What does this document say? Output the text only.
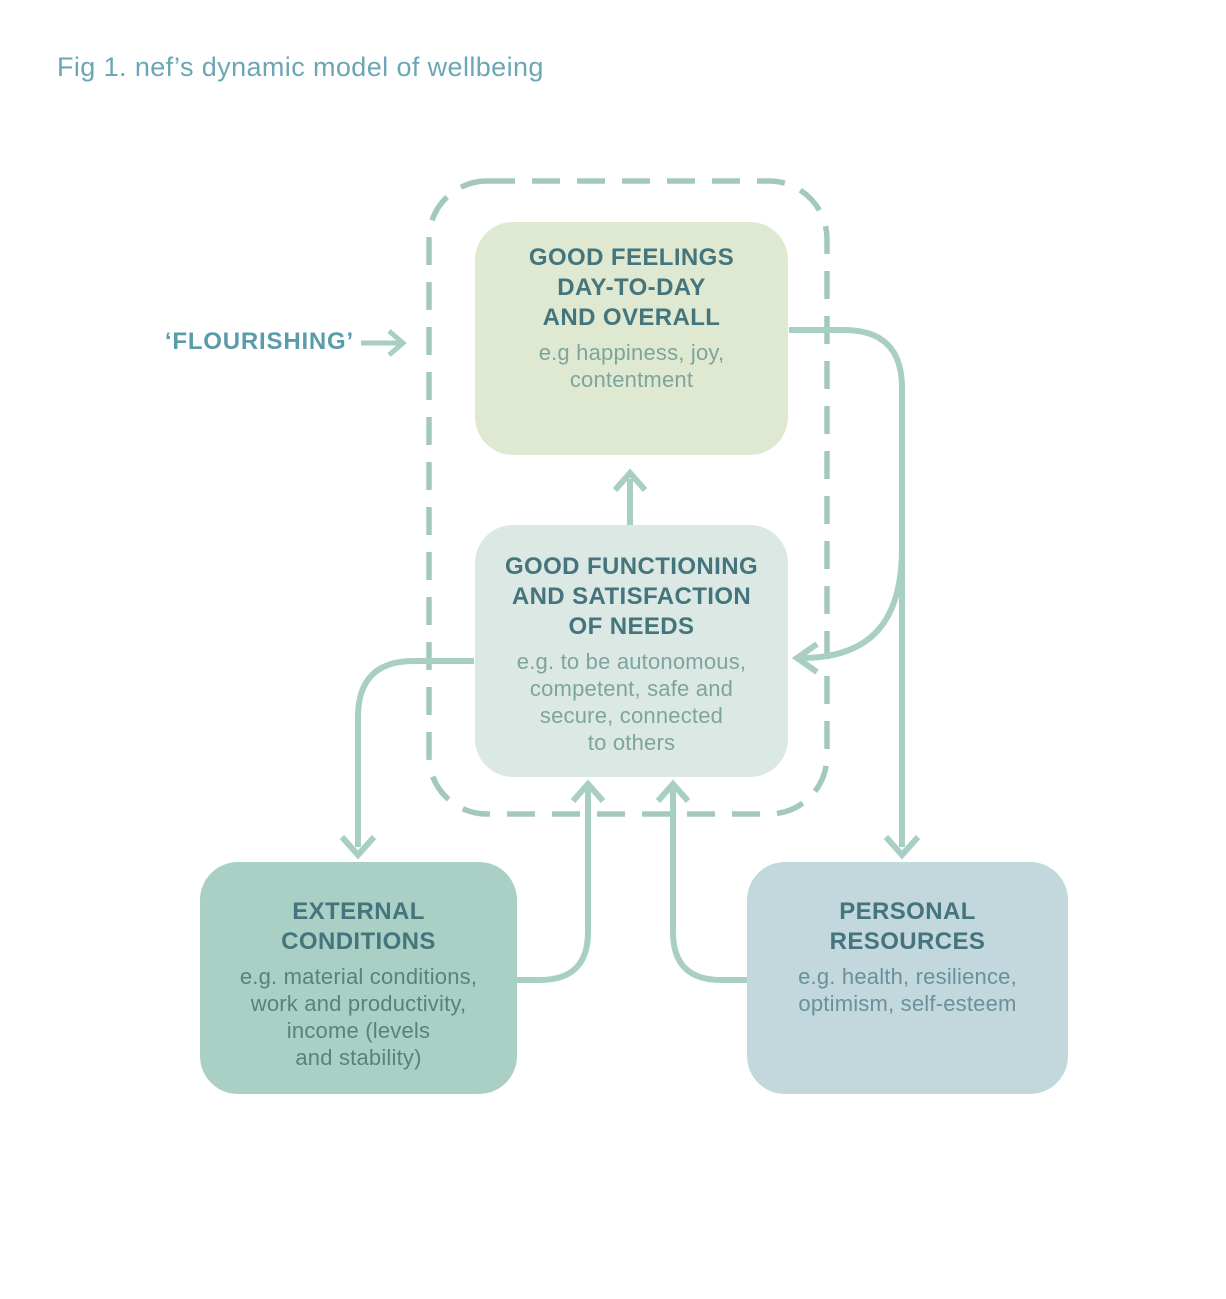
Fig 1. nef’s dynamic model of wellbeing
‘FLOURISHING’
GOOD FEELINGS
DAY-TO-DAY
AND OVERALL
e.g happiness, joy,
contentment
GOOD FUNCTIONING
AND SATISFACTION
OF NEEDS
e.g. to be autonomous,
competent, safe and
secure, connected
to others
EXTERNAL
CONDITIONS
e.g. material conditions,
work and productivity,
income (levels
and stability)
PERSONAL
RESOURCES
e.g. health, resilience,
optimism, self-esteem
